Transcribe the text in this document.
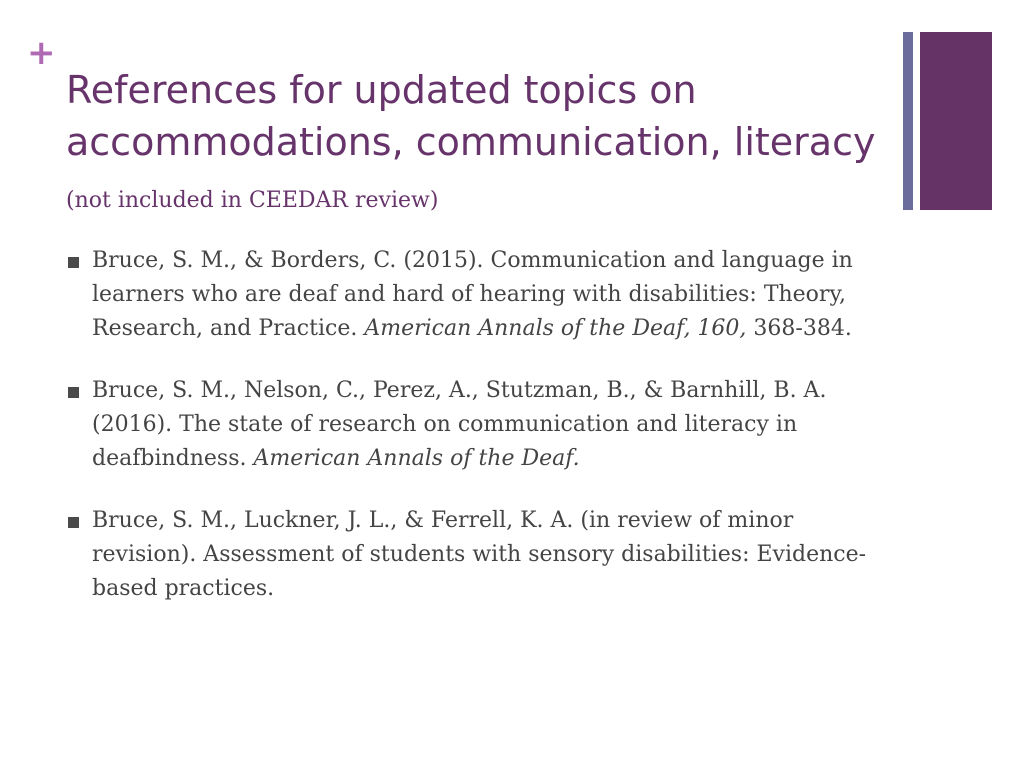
+
References for updated topics on accommodations, communication, literacy (not included in CEEDAR review)
Bruce, S. M., & Borders, C. (2015). Communication and language in learners who are deaf and hard of hearing with disabilities: Theory, Research, and Practice. American Annals of the Deaf, 160, 368-384.
Bruce, S. M., Nelson, C., Perez, A., Stutzman, B., & Barnhill, B. A. (2016). The state of research on communication and literacy in deafbindness. American Annals of the Deaf.
Bruce, S. M., Luckner, J. L., & Ferrell, K. A. (in review of minor revision). Assessment of students with sensory disabilities: Evidence-based practices.
